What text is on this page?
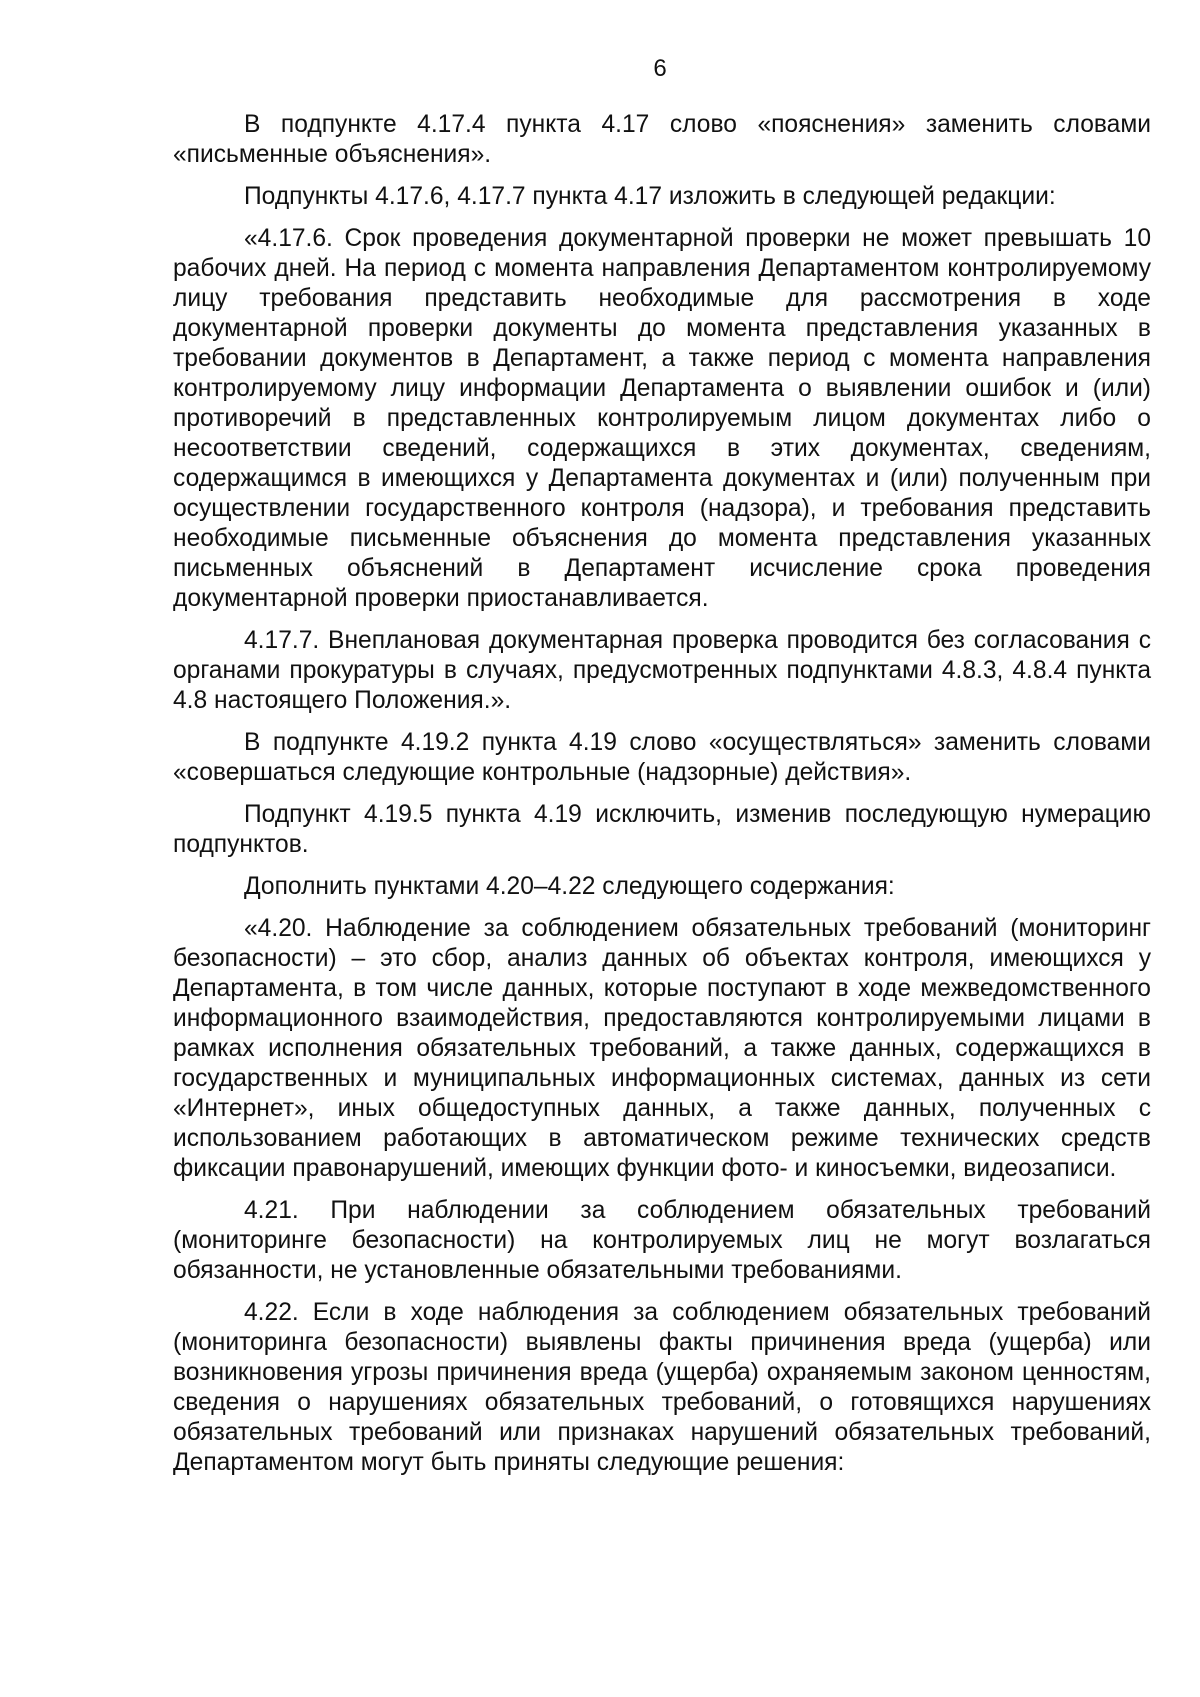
6

В подпункте 4.17.4 пункта 4.17 слово «пояснения» заменить словами «письменные объяснения».

Подпункты 4.17.6, 4.17.7 пункта 4.17 изложить в следующей редакции:

«4.17.6. Срок проведения документарной проверки не может превышать 10 рабочих дней. На период с момента направления Департаментом контролируемому лицу требования представить необходимые для рассмотрения в ходе документарной проверки документы до момента представления указанных в требовании документов в Департамент, а также период с момента направления контролируемому лицу информации Департамента о выявлении ошибок и (или) противоречий в представленных контролируемым лицом документах либо о несоответствии сведений, содержащихся в этих документах, сведениям, содержащимся в имеющихся у Департамента документах и (или) полученным при осуществлении государственного контроля (надзора), и требования представить необходимые письменные объяснения до момента представления указанных письменных объяснений в Департамент исчисление срока проведения документарной проверки приостанавливается.

4.17.7. Внеплановая документарная проверка проводится без согласования с органами прокуратуры в случаях, предусмотренных подпунктами 4.8.3, 4.8.4 пункта 4.8 настоящего Положения.».

В подпункте 4.19.2 пункта 4.19 слово «осуществляться» заменить словами «совершаться следующие контрольные (надзорные) действия».

Подпункт 4.19.5 пункта 4.19 исключить, изменив последующую нумерацию подпунктов.

Дополнить пунктами 4.20–4.22 следующего содержания:

«4.20. Наблюдение за соблюдением обязательных требований (мониторинг безопасности) – это сбор, анализ данных об объектах контроля, имеющихся у Департамента, в том числе данных, которые поступают в ходе межведомственного информационного взаимодействия, предоставляются контролируемыми лицами в рамках исполнения обязательных требований, а также данных, содержащихся в государственных и муниципальных информационных системах, данных из сети «Интернет», иных общедоступных данных, а также данных, полученных с использованием работающих в автоматическом режиме технических средств фиксации правонарушений, имеющих функции фото- и киносъемки, видеозаписи.

4.21. При наблюдении за соблюдением обязательных требований (мониторинге безопасности) на контролируемых лиц не могут возлагаться обязанности, не установленные обязательными требованиями.

4.22. Если в ходе наблюдения за соблюдением обязательных требований (мониторинга безопасности) выявлены факты причинения вреда (ущерба) или возникновения угрозы причинения вреда (ущерба) охраняемым законом ценностям, сведения о нарушениях обязательных требований, о готовящихся нарушениях обязательных требований или признаках нарушений обязательных требований, Департаментом могут быть приняты следующие решения:
